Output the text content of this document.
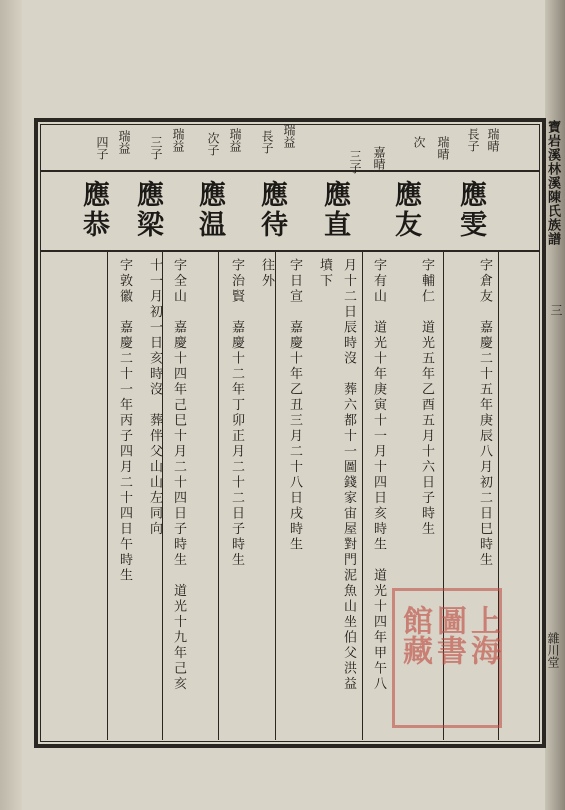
寶岩溪林溪陳氏族譜
三
雜川堂
瑞晴
長子
瑞晴
次
嘉晴
三子
瑞益
長子
瑞益
次子
瑞益
三子
瑞益
四子
應雯
應友
應直
應待
應温
應梁
應恭
字倉友　嘉慶二十五年庚辰八月初二日巳時生
字輔仁　道光五年乙酉五月十六日子時生
字有山　道光十年庚寅十一月十四日亥時生　道光十四年甲午八
月十二日辰時沒　葬六都十一圖錢家宙屋對門泥魚山坐伯父洪益
墳下
字日宣　嘉慶十年乙丑三月二十八日戌時生
往外
字治賢　嘉慶十二年丁卯正月二十二日子時生
字全山　嘉慶十四年己巳十月二十四日子時生　道光十九年己亥
十一月初一日亥時沒　葬伴父山山左同向
字敦徽　嘉慶二十一年丙子四月二十四日午時生
上海
圖書
館藏
